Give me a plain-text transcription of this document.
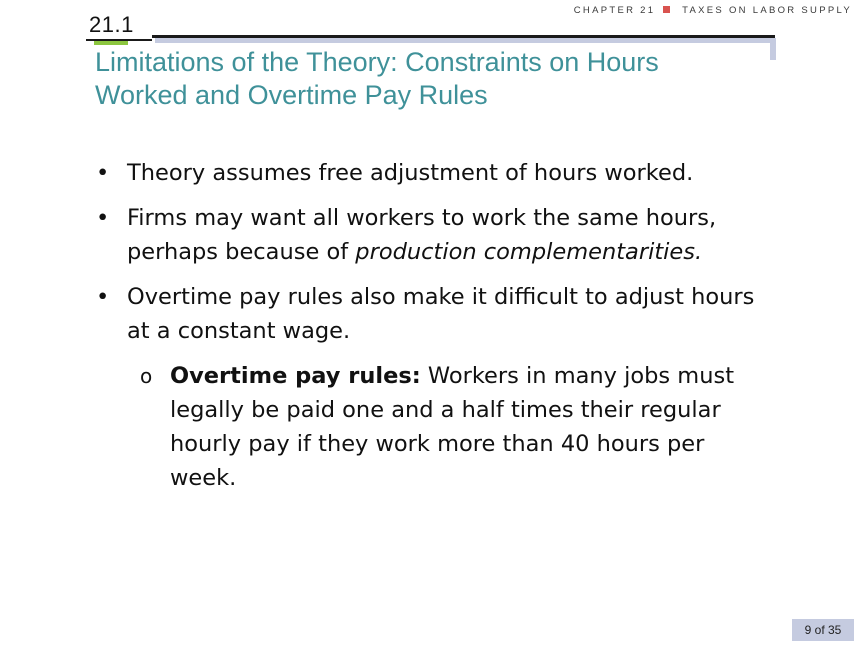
CHAPTER 21	TAXES ON LABOR SUPPLY
21.1
Limitations of the Theory: Constraints on Hours
Worked and Overtime Pay Rules
• Theory assumes free adjustment of hours worked.
• Firms may want all workers to work the same hours, perhaps because of production complementarities.
• Overtime pay rules also make it difficult to adjust hours at a constant wage.
o Overtime pay rules: Workers in many jobs must legally be paid one and a half times their regular hourly pay if they work more than 40 hours per week.
9 of 35
